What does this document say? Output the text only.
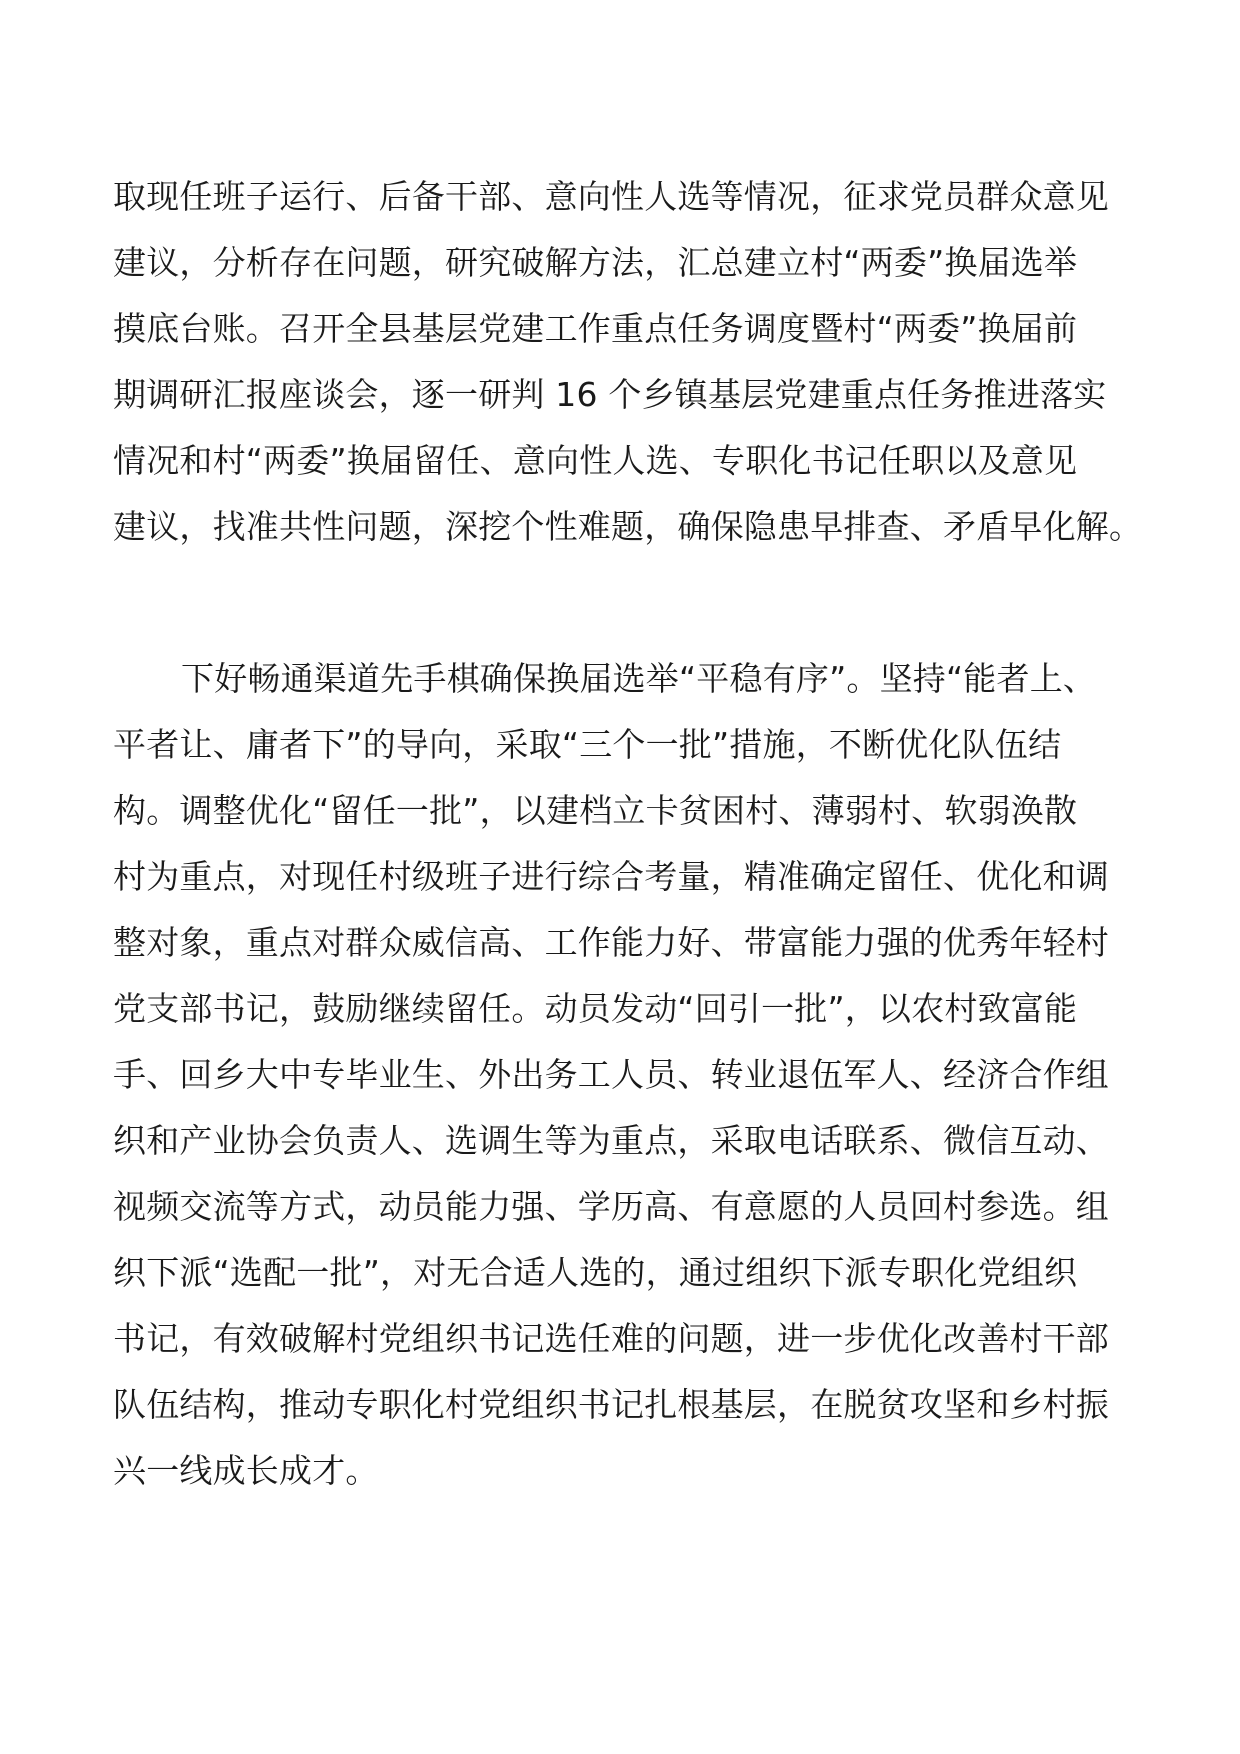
取现任班子运行、后备干部、意向性人选等情况，征求党员群众意见
建议，分析存在问题，研究破解方法，汇总建立村“两委”换届选举
摸底台账。召开全县基层党建工作重点任务调度暨村“两委”换届前
期调研汇报座谈会，逐一研判 16 个乡镇基层党建重点任务推进落实
情况和村“两委”换届留任、意向性人选、专职化书记任职以及意见
建议，找准共性问题，深挖个性难题，确保隐患早排查、矛盾早化解。
下好畅通渠道先手棋确保换届选举“平稳有序”。坚持“能者上、
平者让、庸者下”的导向，采取“三个一批”措施，不断优化队伍结
构。调整优化“留任一批”，以建档立卡贫困村、薄弱村、软弱涣散
村为重点，对现任村级班子进行综合考量，精准确定留任、优化和调
整对象，重点对群众威信高、工作能力好、带富能力强的优秀年轻村
党支部书记，鼓励继续留任。动员发动“回引一批”，以农村致富能
手、回乡大中专毕业生、外出务工人员、转业退伍军人、经济合作组
织和产业协会负责人、选调生等为重点，采取电话联系、微信互动、
视频交流等方式，动员能力强、学历高、有意愿的人员回村参选。组
织下派“选配一批”，对无合适人选的，通过组织下派专职化党组织
书记，有效破解村党组织书记选任难的问题，进一步优化改善村干部
队伍结构，推动专职化村党组织书记扎根基层，在脱贫攻坚和乡村振
兴一线成长成才。
